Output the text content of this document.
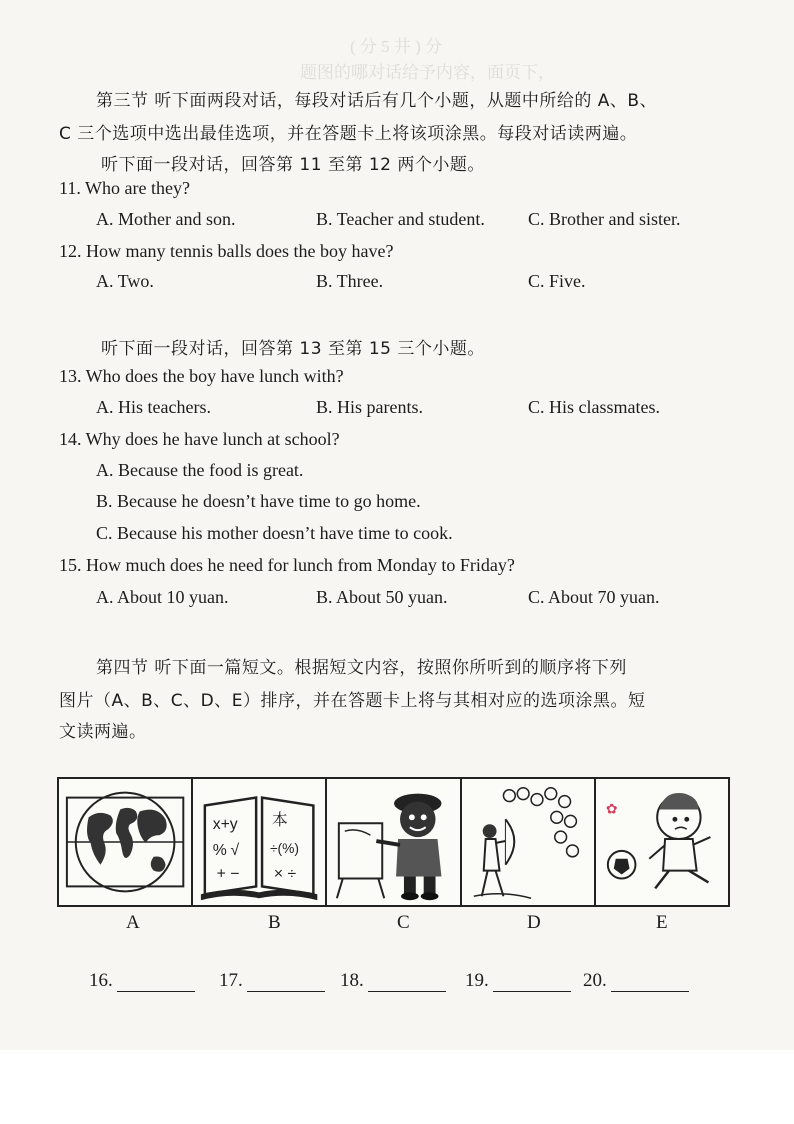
( 分 5 井 ) 分
题图的哪对话给予内容，面页下，
第三节 听下面两段对话，每段对话后有几个小题，从题中所给的 A、B、
C 三个选项中选出最佳选项，并在答题卡上将该项涂黑。每段对话读两遍。
听下面一段对话，回答第 11 至第 12 两个小题。
11. Who are they?
A. Mother and son.	B. Teacher and student. C. Brother and sister.
12. How many tennis balls does the boy have?
A. Two.	B. Three.	C. Five.
听下面一段对话，回答第 13 至第 15 三个小题。
13. Who does the boy have lunch with?
A. His teachers.	B. His parents.	C. His classmates.
14. Why does he have lunch at school?
A. Because the food is great.
B. Because he doesn’t have time to go home.
C. Because his mother doesn’t have time to cook.
15. How much does he need for lunch from Monday to Friday?
A. About 10 yuan.	B. About 50 yuan.	C. About 70 yuan.
第四节 听下面一篇短文。根据短文内容，按照你所听到的顺序将下列
图片（A、B、C、D、E）排序，并在答题卡上将与其相对应的选项涂黑。短
文读两遍。
x+y
% √
+ −
本
÷(%)
× ÷
✿
A	B	C	D	E
16.	17.	18.	19.	20.
